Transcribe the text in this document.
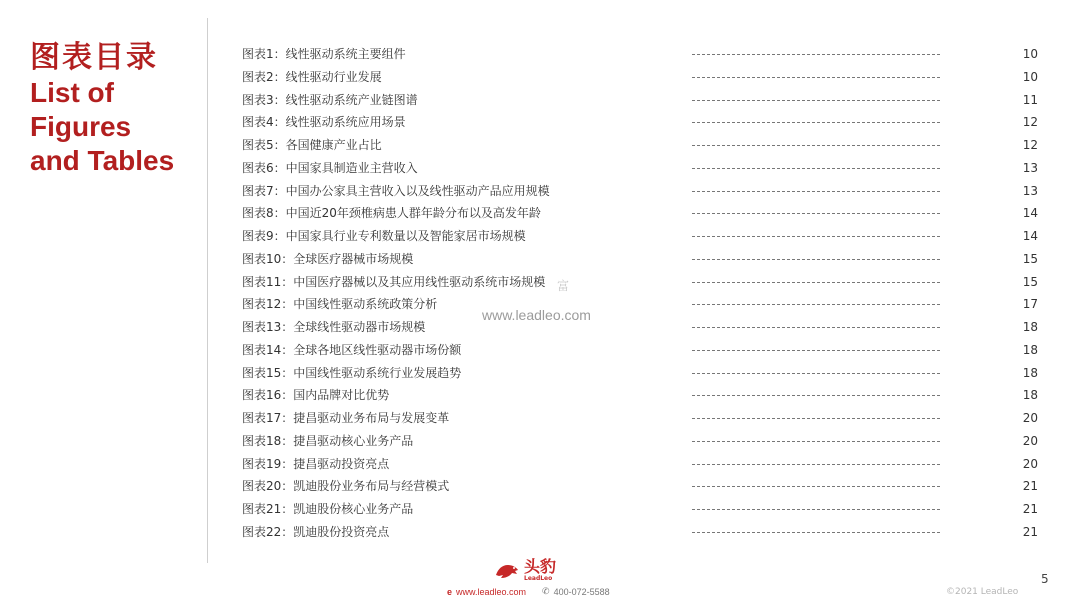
图表目录
List of
Figures
and Tables
图表1：线性驱动系统主要组件	10
图表2：线性驱动行业发展	10
图表3：线性驱动系统产业链图谱	11
图表4：线性驱动系统应用场景	12
图表5：各国健康产业占比	12
图表6：中国家具制造业主营收入	13
图表7：中国办公家具主营收入以及线性驱动产品应用规模	13
图表8：中国近20年颈椎病患人群年龄分布以及高发年龄	14
图表9：中国家具行业专利数量以及智能家居市场规模	14
图表10：全球医疗器械市场规模	15
图表11：中国医疗器械以及其应用线性驱动系统市场规模	15
图表12：中国线性驱动系统政策分析	17
图表13：全球线性驱动器市场规模	18
图表14：全球各地区线性驱动器市场份额	18
图表15：中国线性驱动系统行业发展趋势	18
图表16：国内品牌对比优势	18
图表17：捷昌驱动业务布局与发展变革	20
图表18：捷昌驱动核心业务产品	20
图表19：捷昌驱动投资亮点	20
图表20：凯迪股份业务布局与经营模式	21
图表21：凯迪股份核心业务产品	21
图表22：凯迪股份投资亮点	21
富
www.leadleo.com
头豹
LeadLeo
e www.leadleo.com ✆ 400-072-5588
5
©2021 LeadLeo
